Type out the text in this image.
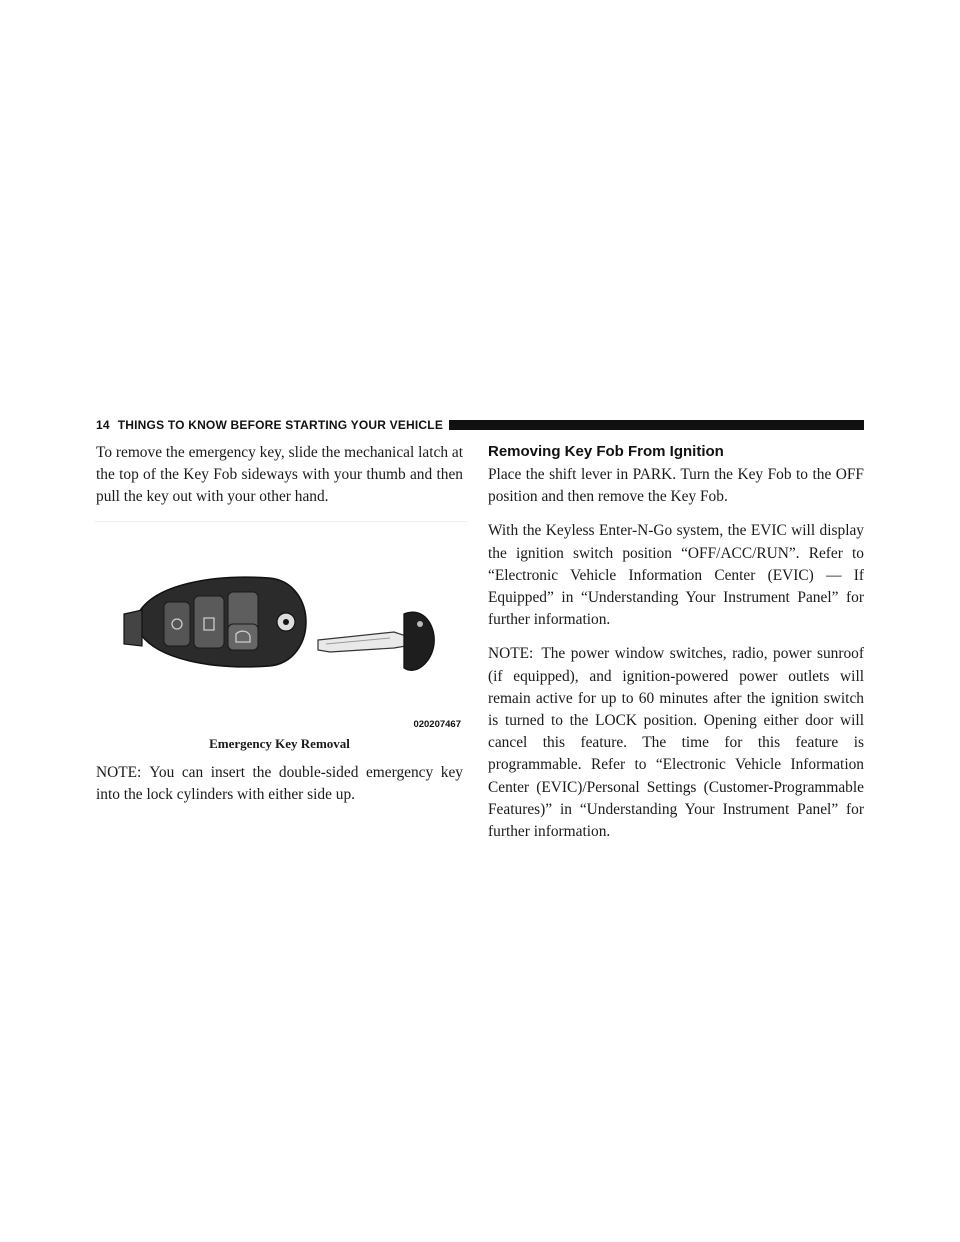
14 THINGS TO KNOW BEFORE STARTING YOUR VEHICLE

To remove the emergency key, slide the mechanical latch at the top of the Key Fob sideways with your thumb and then pull the key out with your other hand.

020207467
Emergency Key Removal

NOTE: You can insert the double-sided emergency key into the lock cylinders with either side up.

Removing Key Fob From Ignition

Place the shift lever in PARK. Turn the Key Fob to the OFF position and then remove the Key Fob.

With the Keyless Enter-N-Go system, the EVIC will display the ignition switch position “OFF/ACC/RUN”. Refer to “Electronic Vehicle Information Center (EVIC) — If Equipped” in “Understanding Your Instrument Panel” for further information.

NOTE: The power window switches, radio, power sunroof (if equipped), and ignition-powered power outlets will remain active for up to 60 minutes after the ignition switch is turned to the LOCK position. Opening either door will cancel this feature. The time for this feature is programmable. Refer to “Electronic Vehicle Information Center (EVIC)/Personal Settings (Customer-Programmable Features)” in “Understanding Your Instrument Panel” for further information.
